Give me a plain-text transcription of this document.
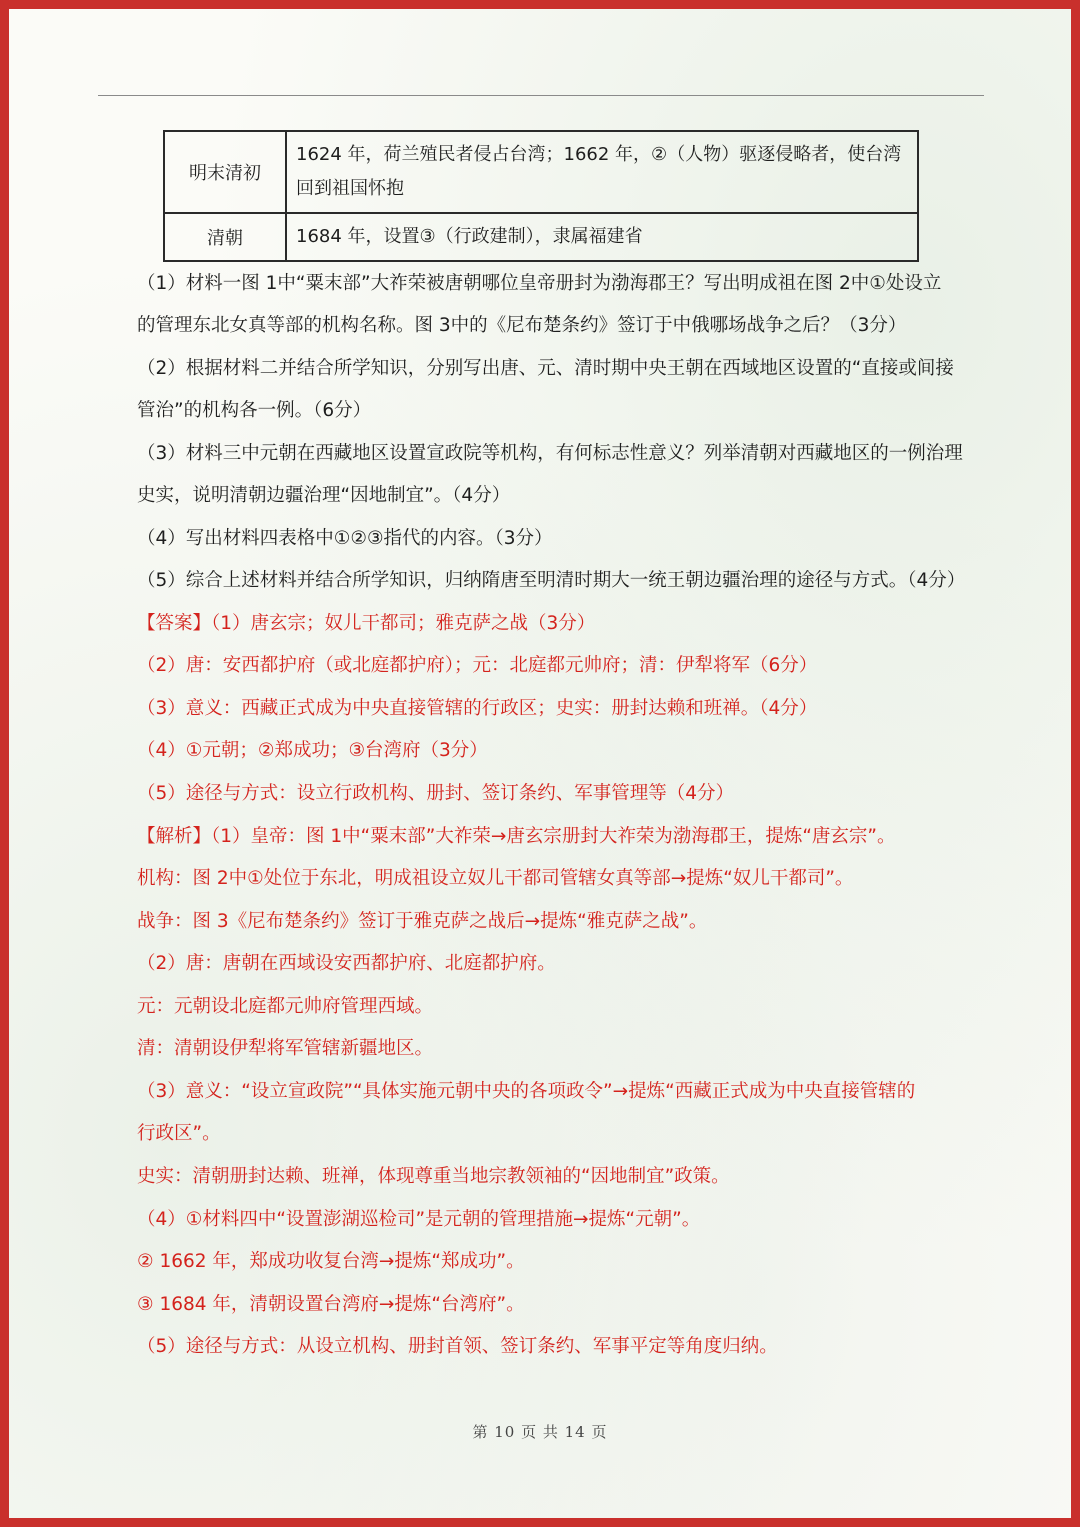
明末清初	1624 年，荷兰殖民者侵占台湾；1662 年，②（人物）驱逐侵略者，使台湾回到祖国怀抱
清朝	1684 年，设置③（行政建制），隶属福建省
（1）材料一图 1中“粟末部”大祚荣被唐朝哪位皇帝册封为渤海郡王？写出明成祖在图 2中①处设立
的管理东北女真等部的机构名称。图 3中的《尼布楚条约》签订于中俄哪场战争之后？（3分）
（2）根据材料二并结合所学知识，分别写出唐、元、清时期中央王朝在西域地区设置的“直接或间接
管治”的机构各一例。（6分）
（3）材料三中元朝在西藏地区设置宣政院等机构，有何标志性意义？列举清朝对西藏地区的一例治理
史实，说明清朝边疆治理“因地制宜”。（4分）
（4）写出材料四表格中①②③指代的内容。（3分）
（5）综合上述材料并结合所学知识，归纳隋唐至明清时期大一统王朝边疆治理的途径与方式。（4分）
【答案】（1）唐玄宗；奴儿干都司；雅克萨之战（3分）
（2）唐：安西都护府（或北庭都护府）；元：北庭都元帅府；清：伊犁将军（6分）
（3）意义：西藏正式成为中央直接管辖的行政区；史实：册封达赖和班禅。（4分）
（4）①元朝；②郑成功；③台湾府（3分）
（5）途径与方式：设立行政机构、册封、签订条约、军事管理等（4分）
【解析】（1）皇帝：图 1中“粟末部”大祚荣→唐玄宗册封大祚荣为渤海郡王，提炼“唐玄宗”。
机构：图 2中①处位于东北，明成祖设立奴儿干都司管辖女真等部→提炼“奴儿干都司”。
战争：图 3《尼布楚条约》签订于雅克萨之战后→提炼“雅克萨之战”。
（2）唐：唐朝在西域设安西都护府、北庭都护府。
元：元朝设北庭都元帅府管理西域。
清：清朝设伊犁将军管辖新疆地区。
（3）意义：“设立宣政院”“具体实施元朝中央的各项政令”→提炼“西藏正式成为中央直接管辖的
行政区”。
史实：清朝册封达赖、班禅，体现尊重当地宗教领袖的“因地制宜”政策。
（4）①材料四中“设置澎湖巡检司”是元朝的管理措施→提炼“元朝”。
② 1662 年，郑成功收复台湾→提炼“郑成功”。
③ 1684 年，清朝设置台湾府→提炼“台湾府”。
（5）途径与方式：从设立机构、册封首领、签订条约、军事平定等角度归纳。
第 10 页 共 14 页
